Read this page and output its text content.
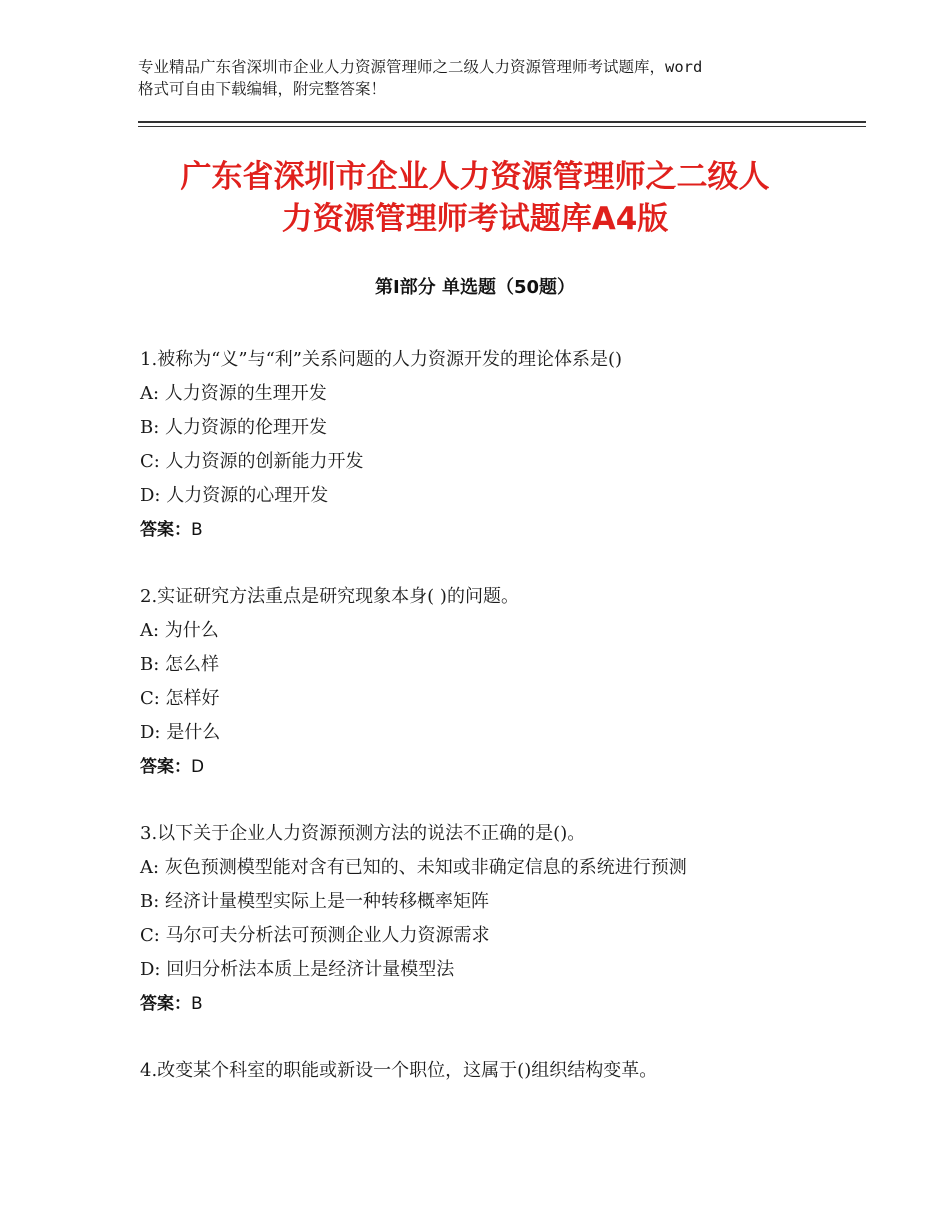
专业精品广东省深圳市企业人力资源管理师之二级人力资源管理师考试题库，word
格式可自由下载编辑，附完整答案！
广东省深圳市企业人力资源管理师之二级人
力资源管理师考试题库A4版
第Ⅰ部分 单选题（50题）
1.被称为“义”与“利”关系问题的人力资源开发的理论体系是()
A: 人力资源的生理开发
B: 人力资源的伦理开发
C: 人力资源的创新能力开发
D: 人力资源的心理开发
答案：B
2.实证研究方法重点是研究现象本身( )的问题。
A: 为什么
B: 怎么样
C: 怎样好
D: 是什么
答案：D
3.以下关于企业人力资源预测方法的说法不正确的是()。
A: 灰色预测模型能对含有已知的、未知或非确定信息的系统进行预测
B: 经济计量模型实际上是一种转移概率矩阵
C: 马尔可夫分析法可预测企业人力资源需求
D: 回归分析法本质上是经济计量模型法
答案：B
4.改变某个科室的职能或新设一个职位，这属于()组织结构变革。
